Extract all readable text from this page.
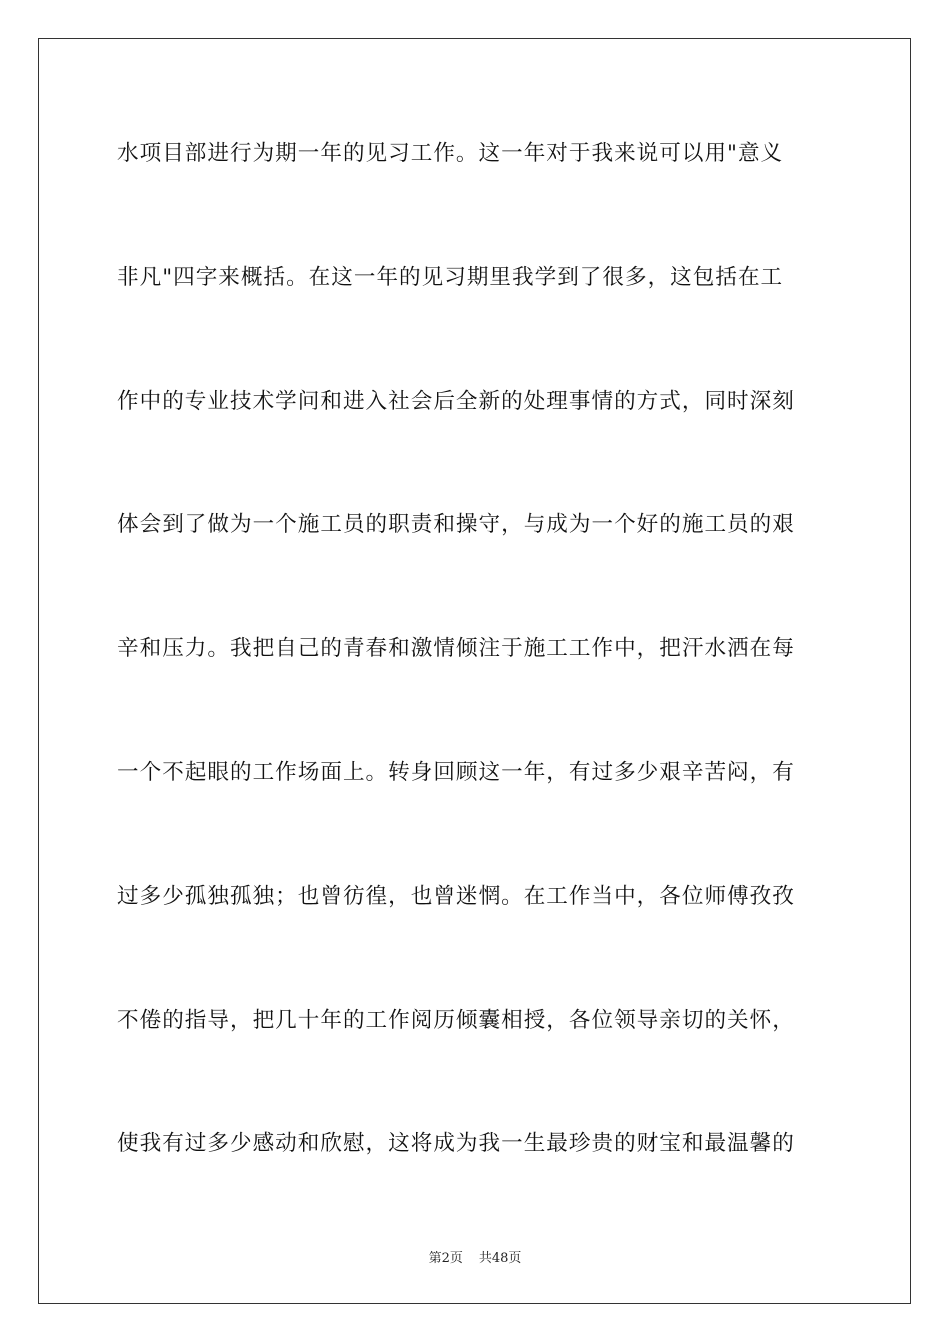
水项目部进行为期一年的见习工作。这一年对于我来说可以用"意义
非凡"四字来概括。在这一年的见习期里我学到了很多，这包括在工
作中的专业技术学问和进入社会后全新的处理事情的方式，同时深刻
体会到了做为一个施工员的职责和操守，与成为一个好的施工员的艰
辛和压力。我把自己的青春和激情倾注于施工工作中，把汗水洒在每
一个不起眼的工作场面上。转身回顾这一年，有过多少艰辛苦闷，有
过多少孤独孤独；也曾彷徨，也曾迷惘。在工作当中，各位师傅孜孜
不倦的指导，把几十年的工作阅历倾囊相授，各位领导亲切的关怀，
使我有过多少感动和欣慰，这将成为我一生最珍贵的财宝和最温馨的
第2页 共48页
